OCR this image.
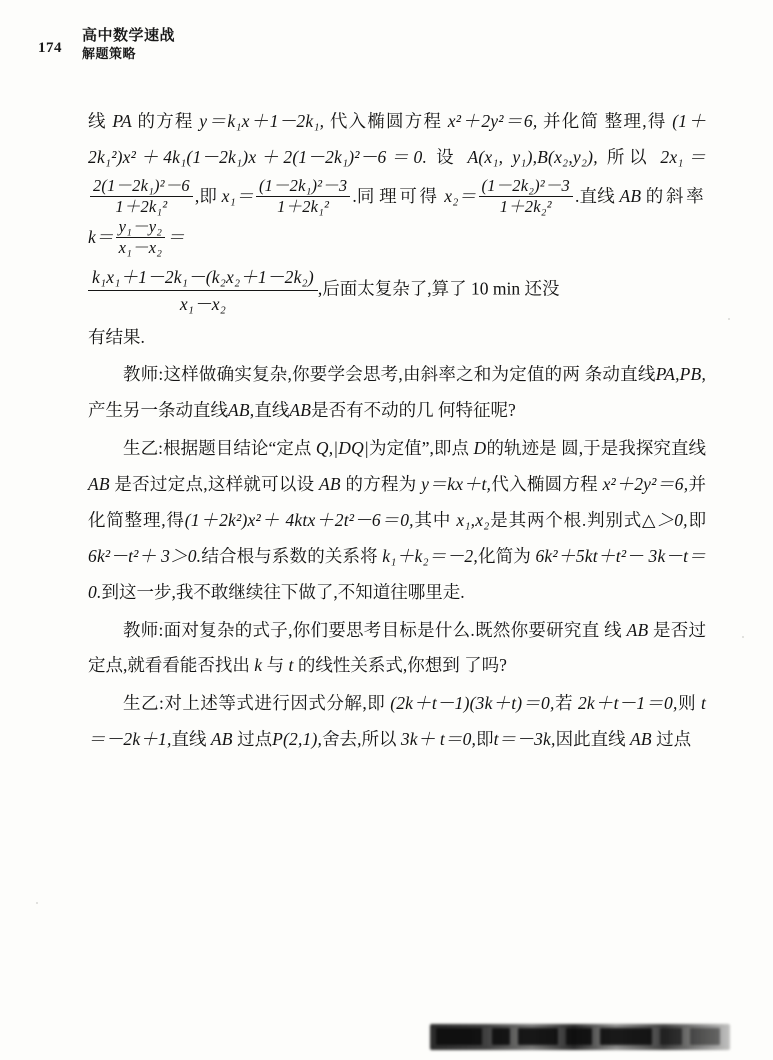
174
高中数学速战
解题策略

线 PA 的方程 y＝k₁x＋1－2k₁, 代入椭圆方程 x²＋2y²＝6, 并化简 整理,得 (1＋2k₁²)x²＋4k₁(1－2k₁)x＋2(1－2k₁)²－6＝0. 设 A(x₁, y₁),B(x₂,y₂), 所以 2x₁＝
$\frac{\text{2(1－2k₁)²－6}}{\text{1＋2k₁²}}$ ,即 $x_1= \frac{\text{(1－2k₁)²－3}}{\text{1＋2k₁²}}$ .同 理可得 $x_2= \frac{\text{(1－2k₂)²－3}}{\text{1＋2k₂²}}$ .直线 AB 的斜率 $k= \frac{\text{y₁－y₂}}{\text{x₁－x₂}}$ ＝

$\frac{\text{k₁x₁＋1－2k₁－(k₂x₂＋1－2k₂)}}{\text{x₁－x₂}}$ ,后面太复杂了,算了 10 min 还没

有结果.

教师:这样做确实复杂,你要学会思考,由斜率之和为定值的两 条动直线PA,PB,产生另一条动直线AB,直线AB是否有不动的几 何特征呢?

生乙:根据题目结论“定点 Q,|DQ|为定值”,即点 D的轨迹是 圆,于是我探究直线 AB 是否过定点,这样就可以设 AB 的方程为 y＝kx＋t,代入椭圆方程 x²＋2y²＝6,并化简整理,得(1＋2k²)x²＋ 4ktx＋2t²－6＝0,其中 x₁,x₂是其两个根.判别式△＞0,即 6k²－t²＋ 3＞0.结合根与系数的关系将 k₁＋k₂＝－2,化简为 6k²＋5kt＋t²－ 3k－t＝0.到这一步,我不敢继续往下做了,不知道往哪里走.

教师:面对复杂的式子,你们要思考目标是什么.既然你要研究直 线 AB 是否过定点,就看看能否找出 k 与 t 的线性关系式,你想到 了吗?

生乙:对上述等式进行因式分解,即 (2k＋t－1)(3k＋t)＝0,若 2k＋t－1＝0,则 t＝－2k＋1,直线 AB 过点P(2,1),舍去,所以 3k＋ t＝0,即t＝－3k,因此直线 AB 过点
